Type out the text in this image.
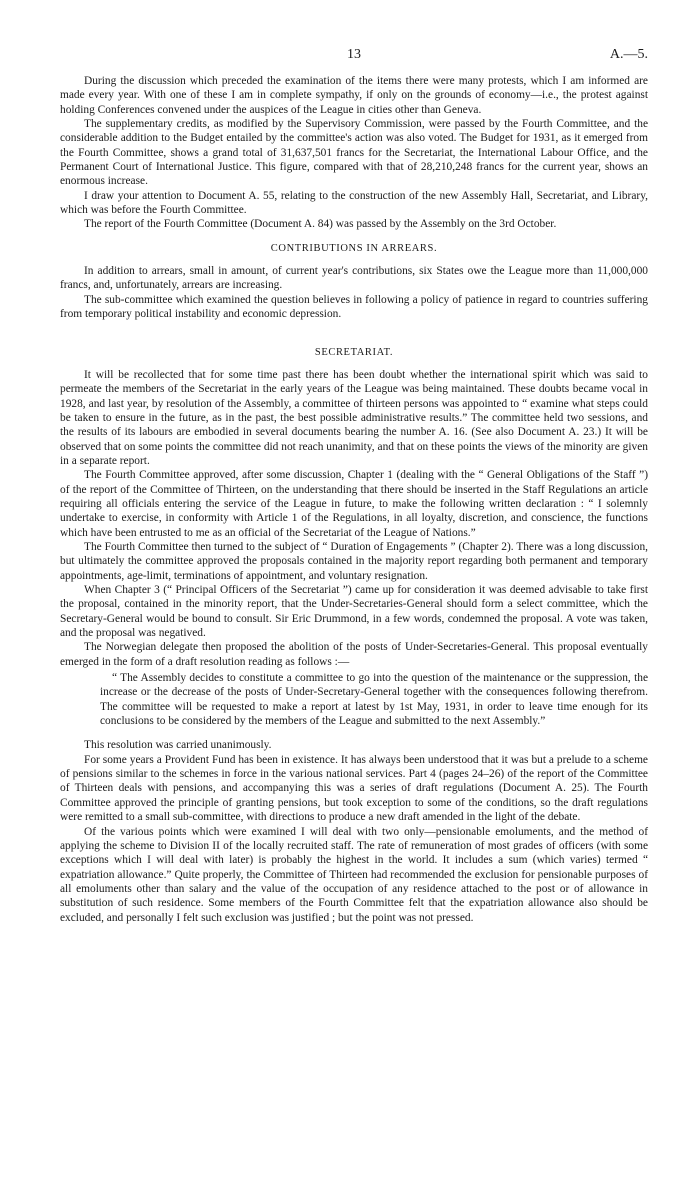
13	A.—5.

During the discussion which preceded the examination of the items there were many protests, which I am informed are made every year. With one of these I am in complete sympathy, if only on the grounds of economy—i.e., the protest against holding Conferences convened under the auspices of the League in cities other than Geneva.

The supplementary credits, as modified by the Supervisory Commission, were passed by the Fourth Committee, and the considerable addition to the Budget entailed by the committee's action was also voted. The Budget for 1931, as it emerged from the Fourth Committee, shows a grand total of 31,637,501 francs for the Secretariat, the International Labour Office, and the Permanent Court of International Justice. This figure, compared with that of 28,210,248 francs for the current year, shows an enormous increase.

I draw your attention to Document A. 55, relating to the construction of the new Assembly Hall, Secretariat, and Library, which was before the Fourth Committee.

The report of the Fourth Committee (Document A. 84) was passed by the Assembly on the 3rd October.

CONTRIBUTIONS IN ARREARS.

In addition to arrears, small in amount, of current year's contributions, six States owe the League more than 11,000,000 francs, and, unfortunately, arrears are increasing.

The sub-committee which examined the question believes in following a policy of patience in regard to countries suffering from temporary political instability and economic depression.

SECRETARIAT.

It will be recollected that for some time past there has been doubt whether the international spirit which was said to permeate the members of the Secretariat in the early years of the League was being maintained. These doubts became vocal in 1928, and last year, by resolution of the Assembly, a committee of thirteen persons was appointed to “ examine what steps could be taken to ensure in the future, as in the past, the best possible administrative results.” The committee held two sessions, and the results of its labours are embodied in several documents bearing the number A. 16. (See also Document A. 23.) It will be observed that on some points the committee did not reach unanimity, and that on these points the views of the minority are given in a separate report.

The Fourth Committee approved, after some discussion, Chapter 1 (dealing with the “ General Obligations of the Staff ”) of the report of the Committee of Thirteen, on the understanding that there should be inserted in the Staff Regulations an article requiring all officials entering the service of the League in future, to make the following written declaration : “ I solemnly undertake to exercise, in conformity with Article 1 of the Regulations, in all loyalty, discretion, and conscience, the functions which have been entrusted to me as an official of the Secretariat of the League of Nations.”

The Fourth Committee then turned to the subject of “ Duration of Engagements ” (Chapter 2). There was a long discussion, but ultimately the committee approved the proposals contained in the majority report regarding both permanent and temporary appointments, age-limit, terminations of appointment, and voluntary resignation.

When Chapter 3 (“ Principal Officers of the Secretariat ”) came up for consideration it was deemed advisable to take first the proposal, contained in the minority report, that the Under-Secretaries-General should form a select committee, which the Secretary-General would be bound to consult. Sir Eric Drummond, in a few words, condemned the proposal. A vote was taken, and the proposal was negatived.

The Norwegian delegate then proposed the abolition of the posts of Under-Secretaries-General. This proposal eventually emerged in the form of a draft resolution reading as follows :—

“ The Assembly decides to constitute a committee to go into the question of the maintenance or the suppression, the increase or the decrease of the posts of Under-Secretary-General together with the consequences following therefrom. The committee will be requested to make a report at latest by 1st May, 1931, in order to leave time enough for its conclusions to be considered by the members of the League and submitted to the next Assembly.”

This resolution was carried unanimously.

For some years a Provident Fund has been in existence. It has always been understood that it was but a prelude to a scheme of pensions similar to the schemes in force in the various national services. Part 4 (pages 24–26) of the report of the Committee of Thirteen deals with pensions, and accompanying this was a series of draft regulations (Document A. 25). The Fourth Committee approved the principle of granting pensions, but took exception to some of the conditions, so the draft regulations were remitted to a small sub-committee, with directions to produce a new draft amended in the light of the debate.

Of the various points which were examined I will deal with two only—pensionable emoluments, and the method of applying the scheme to Division II of the locally recruited staff. The rate of remuneration of most grades of officers (with some exceptions which I will deal with later) is probably the highest in the world. It includes a sum (which varies) termed “ expatriation allowance.” Quite properly, the Committee of Thirteen had recommended the exclusion for pensionable purposes of all emoluments other than salary and the value of the occupation of any residence attached to the post or of allowance in substitution of such residence. Some members of the Fourth Committee felt that the expatriation allowance also should be excluded, and personally I felt such exclusion was justified ; but the point was not pressed.
